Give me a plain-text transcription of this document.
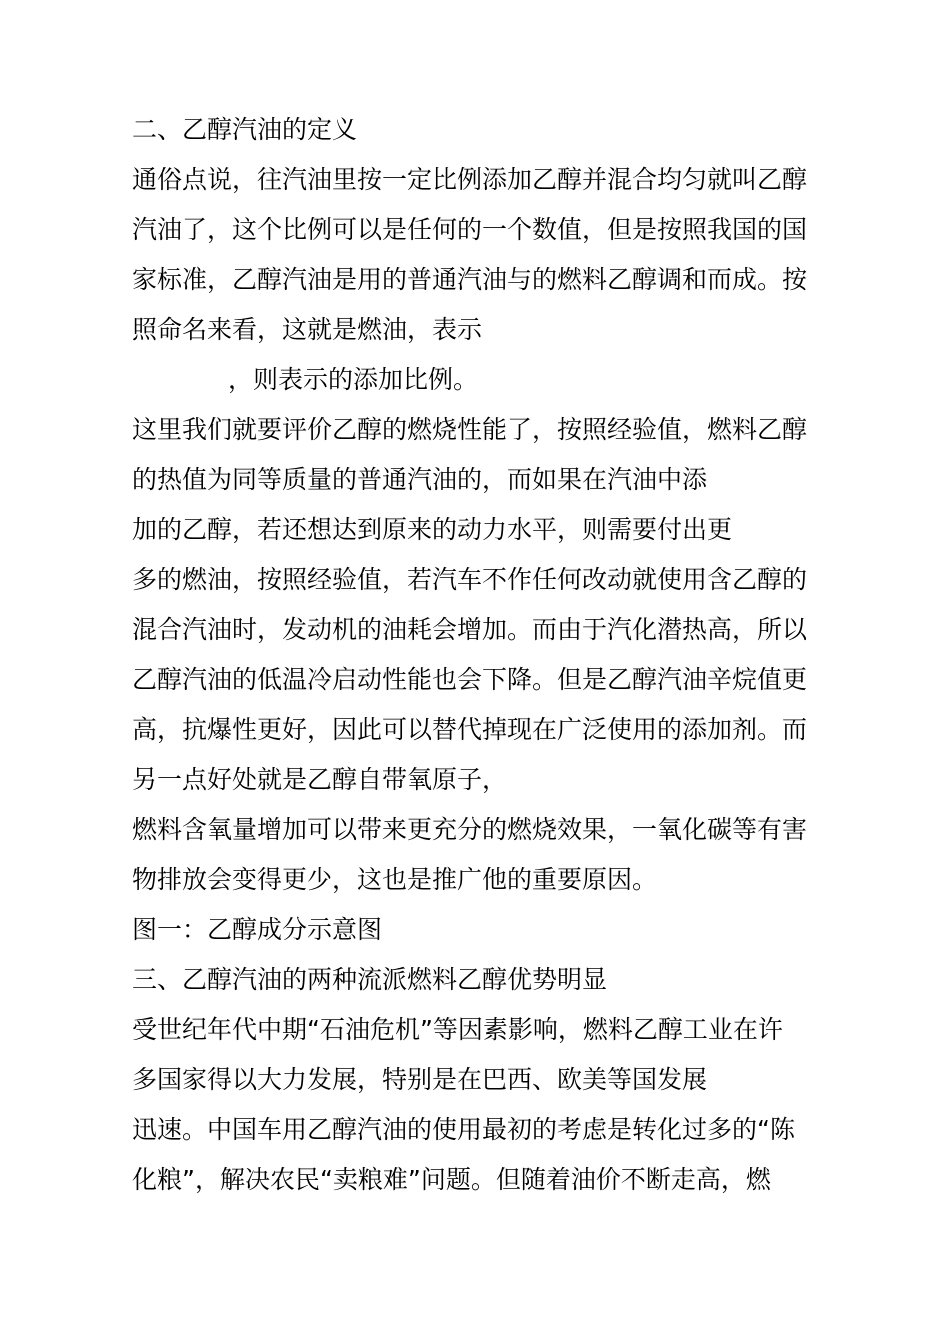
二、乙醇汽油的定义
通俗点说，往汽油里按一定比例添加乙醇并混合均匀就叫乙醇
汽油了，这个比例可以是任何的一个数值，但是按照我国的国
家标准，乙醇汽油是用的普通汽油与的燃料乙醇调和而成。按
照命名来看，这就是燃油，表示
，则表示的添加比例。
这里我们就要评价乙醇的燃烧性能了，按照经验值，燃料乙醇
的热值为同等质量的普通汽油的，而如果在汽油中添
加的乙醇，若还想达到原来的动力水平，则需要付出更
多的燃油，按照经验值，若汽车不作任何改动就使用含乙醇的
混合汽油时，发动机的油耗会增加。而由于汽化潜热高，所以
乙醇汽油的低温冷启动性能也会下降。但是乙醇汽油辛烷值更
高，抗爆性更好，因此可以替代掉现在广泛使用的添加剂。而
另一点好处就是乙醇自带氧原子，
燃料含氧量增加可以带来更充分的燃烧效果，一氧化碳等有害
物排放会变得更少，这也是推广他的重要原因。
图一：乙醇成分示意图
三、乙醇汽油的两种流派燃料乙醇优势明显
受世纪年代中期“石油危机”等因素影响，燃料乙醇工业在许
多国家得以大力发展，特别是在巴西、欧美等国发展
迅速。中国车用乙醇汽油的使用最初的考虑是转化过多的“陈
化粮”，解决农民“卖粮难”问题。但随着油价不断走高，燃
